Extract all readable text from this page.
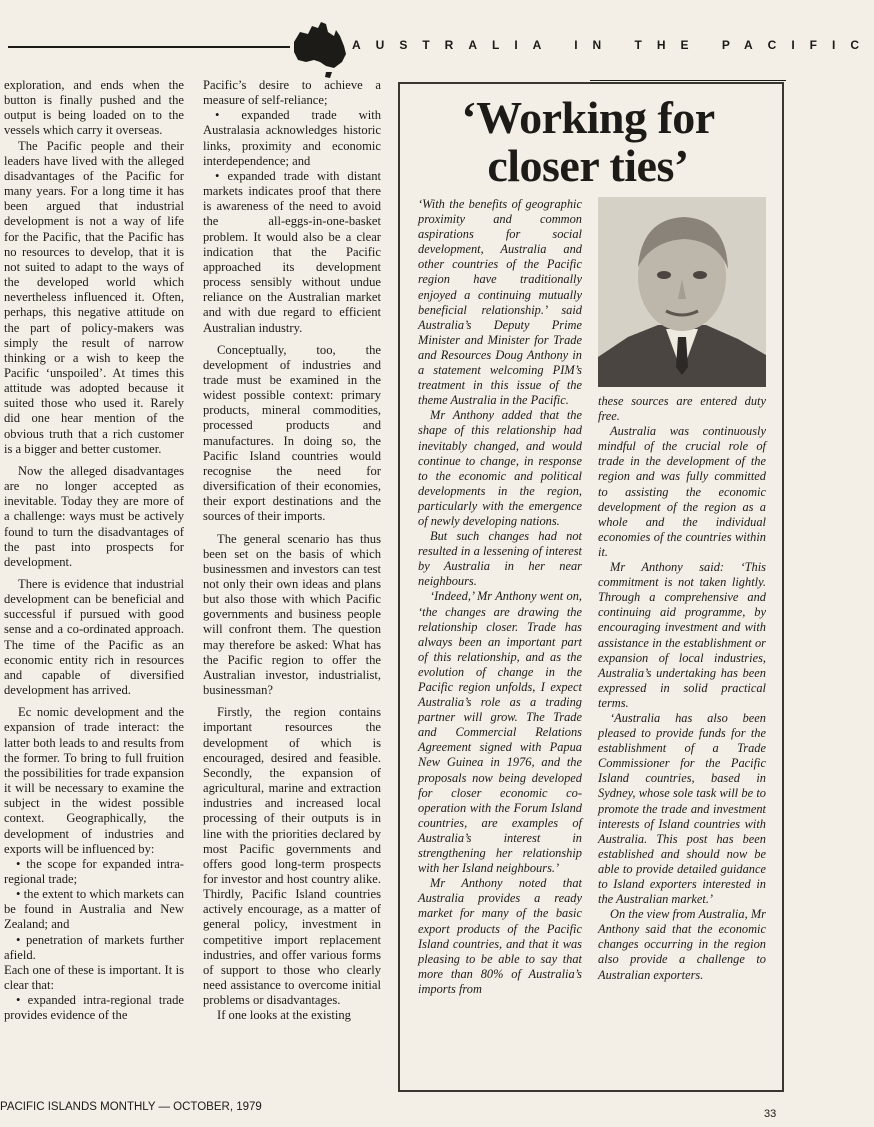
AUSTRALIA IN THE PACIFIC

exploration, and ends when the button is finally pushed and the output is being loaded on to the vessels which carry it overseas.

The Pacific people and their leaders have lived with the alleged disadvantages of the Pacific for many years. For a long time it has been argued that industrial development is not a way of life for the Pacific, that the Pacific has no resources to develop, that it is not suited to adapt to the ways of the developed world which nevertheless influenced it. Often, perhaps, this negative attitude on the part of policy-makers was simply the result of narrow thinking or a wish to keep the Pacific ‘unspoiled’. At times this attitude was adopted because it suited those who used it. Rarely did one hear mention of the obvious truth that a rich customer is a bigger and better customer.

Now the alleged disadvantages are no longer accepted as inevitable. Today they are more of a challenge: ways must be actively found to turn the disadvantages of the past into prospects for development.

There is evidence that industrial development can be beneficial and successful if pursued with good sense and a co-ordinated approach. The time of the Pacific as an economic entity rich in resources and capable of diversified development has arrived.

Ec nomic development and the expansion of trade interact: the latter both leads to and results from the former. To bring to full fruition the possibilities for trade expansion it will be necessary to examine the subject in the widest possible context. Geographically, the development of industries and exports will be influenced by:

• the scope for expanded intra-regional trade;

• the extent to which markets can be found in Australia and New Zealand; and

• penetration of markets further afield.

Each one of these is important. It is clear that:

• expanded intra-regional trade provides evidence of the

Pacific’s desire to achieve a measure of self-reliance;

• expanded trade with Australasia acknowledges historic links, proximity and economic interdependence; and

• expanded trade with distant markets indicates proof that there is awareness of the need to avoid the all-eggs-in-one-basket problem. It would also be a clear indication that the Pacific approached its development process sensibly without undue reliance on the Australian market and with due regard to efficient Australian industry.

Conceptually, too, the development of industries and trade must be examined in the widest possible context: primary products, mineral commodities, processed products and manufactures. In doing so, the Pacific Island countries would recognise the need for diversification of their economies, their export destinations and the sources of their imports.

The general scenario has thus been set on the basis of which businessmen and investors can test not only their own ideas and plans but also those with which Pacific governments and business people will confront them. The question may therefore be asked: What has the Pacific region to offer the Australian investor, industrialist, businessman?

Firstly, the region contains important resources the development of which is encouraged, desired and feasible. Secondly, the expansion of agricultural, marine and extraction industries and increased local processing of their outputs is in line with the priorities declared by most Pacific governments and offers good long-term prospects for investor and host country alike. Thirdly, Pacific Island countries actively encourage, as a matter of general policy, investment in competitive import replacement industries, and offer various forms of support to those who clearly need assistance to overcome initial problems or disadvantages.

If one looks at the existing

‘Working for closer ties’

‘With the benefits of geographic proximity and common aspirations for social development, Australia and other countries of the Pacific region have traditionally enjoyed a continuing mutually beneficial relationship.’ said Australia’s Deputy Prime Minister and Minister for Trade and Resources Doug Anthony in a statement welcoming PIM’s treatment in this issue of the theme Australia in the Pacific.

Mr Anthony added that the shape of this relationship had inevitably changed, and would continue to change, in response to the economic and political developments in the region, particularly with the emergence of newly developing nations.

But such changes had not resulted in a lessening of interest by Australia in her near neighbours.

‘Indeed,’ Mr Anthony went on, ‘the changes are drawing the relationship closer. Trade has always been an important part of this relationship, and as the evolution of change in the Pacific region unfolds, I expect Australia’s role as a trading partner will grow. The Trade and Commercial Relations Agreement signed with Papua New Guinea in 1976, and the proposals now being developed for closer economic co-operation with the Forum Island countries, are examples of Australia’s interest in strengthening her relationship with her Island neighbours.’

Mr Anthony noted that Australia provides a ready market for many of the basic export products of the Pacific Island countries, and that it was pleasing to be able to say that more than 80% of Australia’s imports from

these sources are entered duty free.

Australia was continuously mindful of the crucial role of trade in the development of the region and was fully committed to assisting the economic development of the region as a whole and the individual economies of the countries within it.

Mr Anthony said: ‘This commitment is not taken lightly. Through a comprehensive and continuing aid programme, by encouraging investment and with assistance in the establishment or expansion of local industries, Australia’s undertaking has been expressed in solid practical terms.

‘Australia has also been pleased to provide funds for the establishment of a Trade Commissioner for the Pacific Island countries, based in Sydney, whose sole task will be to promote the trade and investment interests of Island countries with Australia. This post has been established and should now be able to provide detailed guidance to Island exporters interested in the Australian market.’

On the view from Australia, Mr Anthony said that the economic changes occurring in the region also provide a challenge to Australian exporters.

PACIFIC ISLANDS MONTHLY — OCTOBER, 1979
33
